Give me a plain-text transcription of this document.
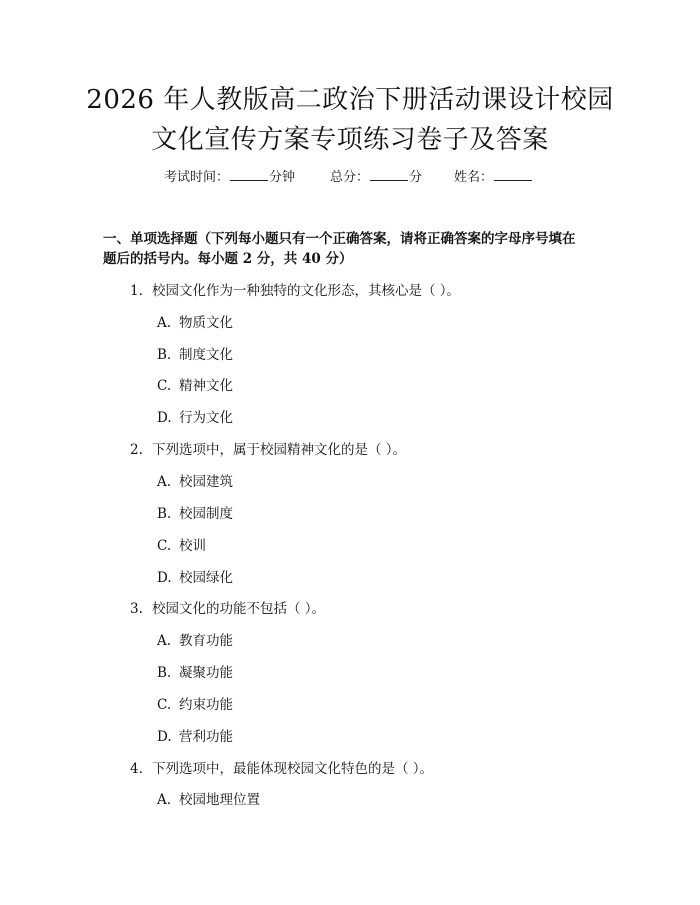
2026 年人教版高二政治下册活动课设计校园
文化宣传方案专项练习卷子及答案
考试时间：	分钟	总分：	分 姓名：
一、单项选择题（下列每小题只有一个正确答案，请将正确答案的字母序号填在
题后的括号内。每小题 2 分，共 40 分）
1. 校园文化作为一种独特的文化形态，其核心是（ ）。
A. 物质文化
B. 制度文化
C. 精神文化
D. 行为文化
2. 下列选项中，属于校园精神文化的是（ ）。
A. 校园建筑
B. 校园制度
C. 校训
D. 校园绿化
3. 校园文化的功能不包括（ ）。
A. 教育功能
B. 凝聚功能
C. 约束功能
D. 营利功能
4. 下列选项中，最能体现校园文化特色的是（ ）。
A. 校园地理位置
